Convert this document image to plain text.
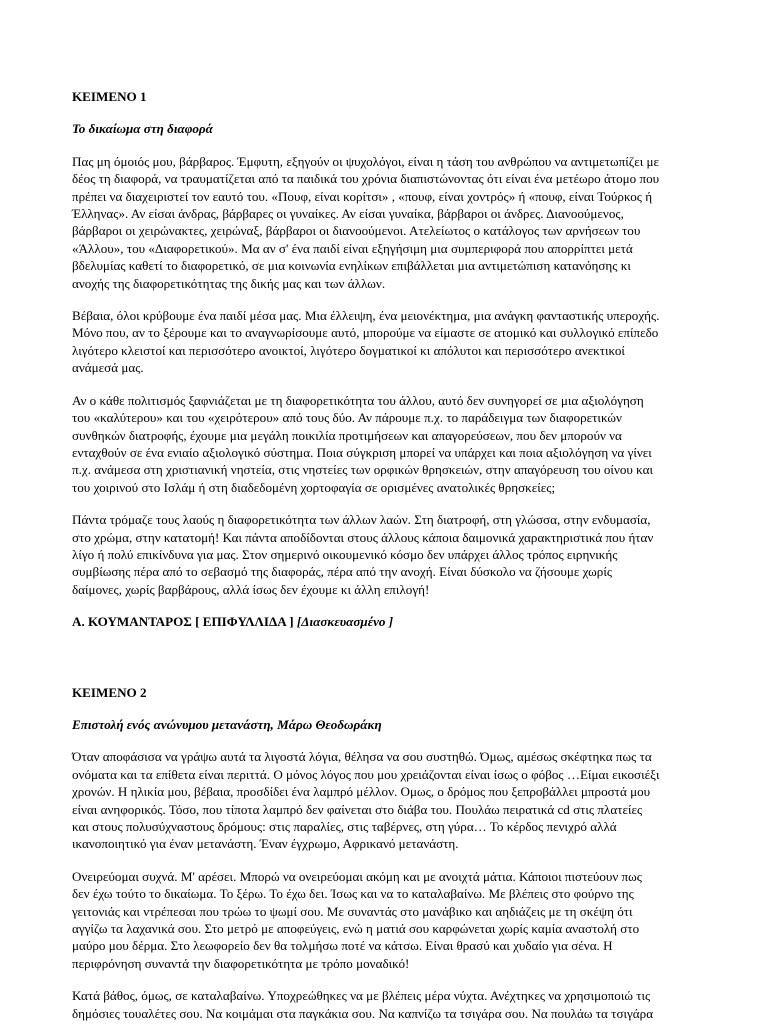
ΚΕΙΜΕΝΟ 1

Το δικαίωμα στη διαφορά

Πας μη όμοιός μου, βάρβαρος. Έμφυτη, εξηγούν οι ψυχολόγοι, είναι η τάση του ανθρώπου να αντιμετωπίζει με
δέος τη διαφορά, να τραυματίζεται από τα παιδικά του χρόνια διαπιστώνοντας ότι είναι ένα μετέωρο άτομο που
πρέπει να διαχειριστεί τον εαυτό του. «Πουφ, είναι κορίτσι» , «πουφ, είναι χοντρός» ή «πουφ, είναι Τούρκος ή
Έλληνας». Αν είσαι άνδρας, βάρβαρες οι γυναίκες. Αν είσαι γυναίκα, βάρβαροι οι άνδρες. Διανοούμενος,
βάρβαροι οι χειρώνακτες, χειρώναξ, βάρβαροι οι διανοούμενοι. Ατελείωτος ο κατάλογος των αρνήσεων του
«Άλλου», του «Διαφορετικού». Μα αν σ' ένα παιδί είναι εξηγήσιμη μια συμπεριφορά που απορρίπτει μετά
βδελυμίας καθετί το διαφορετικό, σε μια κοινωνία ενηλίκων επιβάλλεται μια αντιμετώπιση κατανόησης κι
ανοχής της διαφορετικότητας της δικής μας και των άλλων.
Βέβαια, όλοι κρύβουμε ένα παιδί μέσα μας. Μια έλλειψη, ένα μειονέκτημα, μια ανάγκη φανταστικής υπεροχής.
Μόνο που, αν το ξέρουμε και το αναγνωρίσουμε αυτό, μπορούμε να είμαστε σε ατομικό και συλλογικό επίπεδο
λιγότερο κλειστοί και περισσότερο ανοικτοί, λιγότερο δογματικοί κι απόλυτοι και περισσότερο ανεκτικοί
ανάμεσά μας.
Αν ο κάθε πολιτισμός ξαφνιάζεται με τη διαφορετικότητα του άλλου, αυτό δεν συνηγορεί σε μια αξιολόγηση
του «καλύτερου» και του «χειρότερου» από τους δύο. Αν πάρουμε π.χ. το παράδειγμα των διαφορετικών
συνθηκών διατροφής, έχουμε μια μεγάλη ποικιλία προτιμήσεων και απαγορεύσεων, που δεν μπορούν να
ενταχθούν σε ένα ενιαίο αξιολογικό σύστημα. Ποια σύγκριση μπορεί να υπάρχει και ποια αξιολόγηση να γίνει
π.χ. ανάμεσα στη χριστιανική νηστεία, στις νηστείες των ορφικών θρησκειών, στην απαγόρευση του οίνου και
του χοιρινού στο Ισλάμ ή στη διαδεδομένη χορτοφαγία σε ορισμένες ανατολικές θρησκείες;
Πάντα τρόμαζε τους λαούς η διαφορετικότητα των άλλων λαών. Στη διατροφή, στη γλώσσα, στην ενδυμασία,
στο χρώμα, στην κατατομή! Και πάντα αποδίδονται στους άλλους κάποια δαιμονικά χαρακτηριστικά που ήταν
λίγο ή πολύ επικίνδυνα για μας. Στον σημερινό οικουμενικό κόσμο δεν υπάρχει άλλος τρόπος ειρηνικής
συμβίωσης πέρα από το σεβασμό της διαφοράς, πέρα από την ανοχή. Είναι δύσκολο να ζήσουμε χωρίς
δαίμονες, χωρίς βαρβάρους, αλλά ίσως δεν έχουμε κι άλλη επιλογή!

Α. ΚΟΥΜΑΝΤΑΡΟΣ [ ΕΠΙΦΥΛΛΙΔΑ ] [Διασκευασμένο ]

ΚΕΙΜΕΝΟ 2

Επιστολή ενός ανώνυμου μετανάστη, Μάρω Θεοδωράκη

Όταν αποφάσισα να γράψω αυτά τα λιγοστά λόγια, θέλησα να σου συστηθώ. Όμως, αμέσως σκέφτηκα πως τα
ονόματα και τα επίθετα είναι περιττά. Ο μόνος λόγος που μου χρειάζονται είναι ίσως ο φόβος …Είμαι εικοσιέξι
χρονών. Η ηλικία μου, βέβαια, προσδίδει ένα λαμπρό μέλλον. Ομως, ο δρόμος που ξεπροβάλλει μπροστά μου
είναι ανηφορικός. Τόσο, που τίποτα λαμπρό δεν φαίνεται στο διάβα του. Πουλάω πειρατικά cd στις πλατείες
και στους πολυσύχναστους δρόμους: στις παραλίες, στις ταβέρνες, στη γύρα… Το κέρδος πενιχρό αλλά
ικανοποιητικό για έναν μετανάστη. Έναν έγχρωμο, Αφρικανό μετανάστη.
Ονειρεύομαι συχνά. Μ' αρέσει. Μπορώ να ονειρεύομαι ακόμη και με ανοιχτά μάτια. Κάποιοι πιστεύουν πως
δεν έχω τούτο το δικαίωμα. Το ξέρω. Το έχω δει. Ίσως και να το καταλαβαίνω. Με βλέπεις στο φούρνο της
γειτονιάς και ντρέπεσαι που τρώω το ψωμί σου. Με συναντάς στο μανάβικο και αηδιάζεις με τη σκέψη ότι
αγγίζω τα λαχανικά σου. Στο μετρό με αποφεύγεις, ενώ η ματιά σου καρφώνεται χωρίς καμία αναστολή στο
μαύρο μου δέρμα. Στο λεωφορείο δεν θα τολμήσω ποτέ να κάτσω. Είναι θρασύ και χυδαίο για σένα. Η
περιφρόνηση συναντά την διαφορετικότητα με τρόπο μοναδικό!
Κατά βάθος, όμως, σε καταλαβαίνω. Υποχρεώθηκες να με βλέπεις μέρα νύχτα. Ανέχτηκες να χρησιμοποιώ τις
δημόσιες τουαλέτες σου. Να κοιμάμαι στα παγκάκια σου. Να καπνίζω τα τσιγάρα σου. Να πουλάω τα τσιγάρα
